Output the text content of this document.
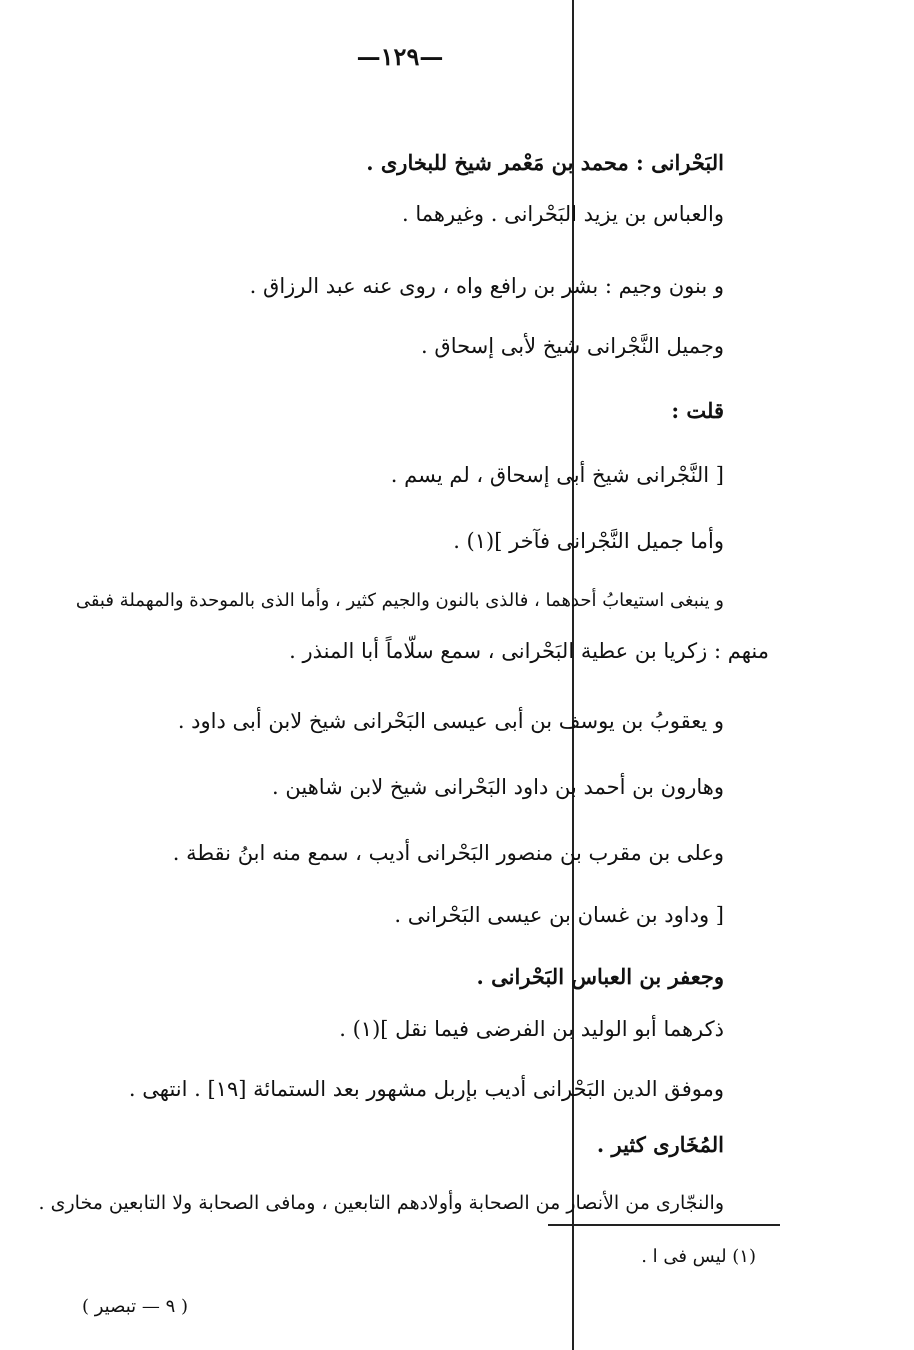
—١٢٩—
البَحْرانى : محمد بن مَعْمر شيخ للبخارى .
والعباس بن يزيد البَحْرانى . وغيرهما .
و بنون وجيم : بشر بن رافع واه ، روى عنه عبد الرزاق .
وجميل النَّجْرانى شيخ لأبى إسحاق .
قلت :
[ النَّجْرانى شيخ أبى إسحاق ، لم يسم .
وأما جميل النَّجْرانى فآخر ](١) .
و ينبغى استيعابُ أحدهما ، فالذى بالنون والجيم كثير ، وأما الذى بالموحدة والمهملة فبقى
منهم : زكريا بن عطية البَحْرانى ، سمع سلّاماً أبا المنذر .
و يعقوبُ بن يوسف بن أبى عيسى البَحْرانى شيخ لابن أبى داود .
وهارون بن أحمد بن داود البَحْرانى شيخ لابن شاهين .
وعلى بن مقرب بن منصور البَحْرانى أديب ، سمع منه ابنُ نقطة .
[ وداود بن غسان بن عيسى البَحْرانى .
وجعفر بن العباس البَحْرانى .
ذكرهما أبو الوليد بن الفرضى فيما نقل ](١) .
وموفق الدين البَحْرانى أديب بإربل مشهور بعد الستمائة [١٩] . انتهى .
المُخَارى كثير .
والنجّارى من الأنصار من الصحابة وأولادهم التابعين ، ومافى الصحابة ولا التابعين مخارى .
(١) ليس فى ا .
( ٩ — تبصير )
